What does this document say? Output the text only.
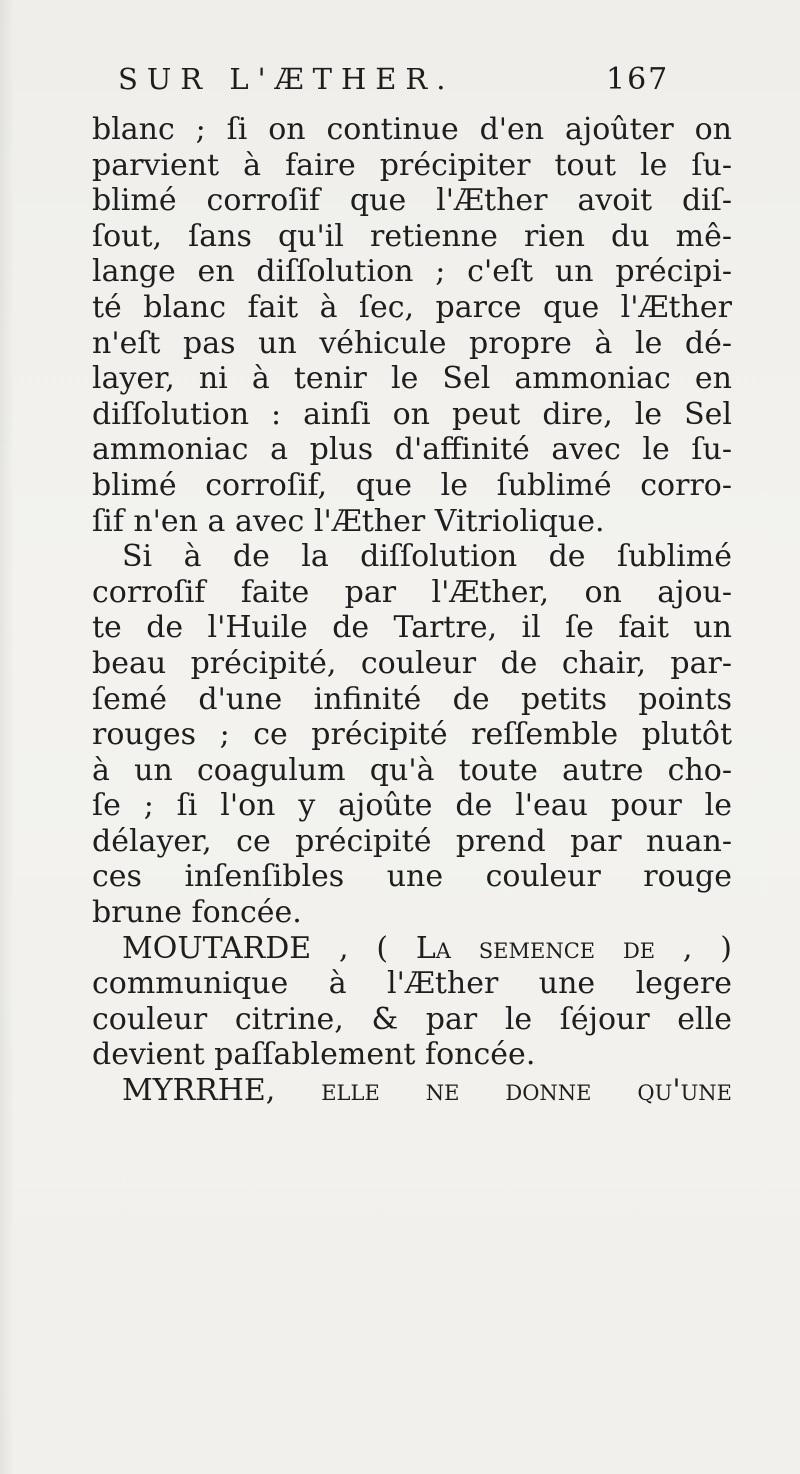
SUR L'ÆTHER.	167
blanc ; ſi on continue d'en ajoûter on
parvient à faire précipiter tout le ſu-
blimé corroſif que l'Æther avoit diſ-
ſout, ſans qu'il retienne rien du mê-
lange en diſſolution ; c'eſt un précipi-
té blanc fait à ſec, parce que l'Æther
n'eſt pas un véhicule propre à le dé-
layer, ni à tenir le Sel ammoniac en
diſſolution : ainſi on peut dire, le Sel
ammoniac a plus d'affinité avec le ſu-
blimé corroſif, que le ſublimé corro-
ſif n'en a avec l'Æther Vitriolique.
Si à de la diſſolution de ſublimé
corroſif faite par l'Æther, on ajou-
te de l'Huile de Tartre, il ſe fait un
beau précipité, couleur de chair, par-
ſemé d'une infinité de petits points
rouges ; ce précipité reſſemble plutôt
à un coagulum qu'à toute autre cho-
ſe ; ſi l'on y ajoûte de l'eau pour le
délayer, ce précipité prend par nuan-
ces inſenſibles une couleur rouge
brune foncée.
MOUTARDE , ( La ſemence de , )
communique à l'Æther une legere
couleur citrine, & par le ſéjour elle
devient paſſablement foncée.
MYRRHE, elle ne donne qu'une
